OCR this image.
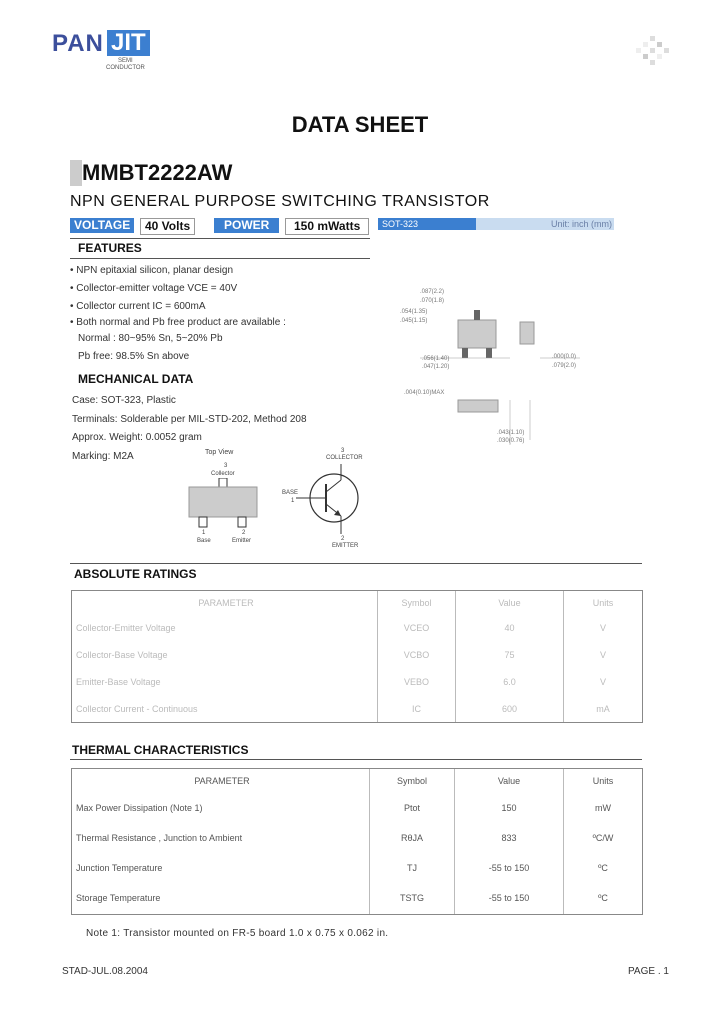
PAN JIT
SEMI
CONDUCTOR
DATA SHEET
MMBT2222AW
NPN GENERAL PURPOSE SWITCHING TRANSISTOR
VOLTAGE	40 Volts	POWER	150 mWatts	SOT-323	Unit: inch (mm)
FEATURES
• NPN epitaxial silicon, planar design
• Collector-emitter voltage VCE = 40V
• Collector current IC = 600mA
• Both normal and Pb free product are available :
Normal : 80~95% Sn, 5~20% Pb
Pb free: 98.5% Sn above
MECHANICAL DATA
Case: SOT-323, Plastic
Terminals: Solderable per MIL-STD-202, Method 208
Approx. Weight: 0.0052 gram
Marking: M2A
.087(2.2)
.070(1.8)
.054(1.35)
.045(1.15)
.056(1.40)
.047(1.20)
.000(0.0)
.004(0.10)MAX
.043(1.10)
.030(0.76)
.079(2.0)
Top View
3
Collector
1	2
Base	Emitter
3
COLLECTOR
BASE
1
2
EMITTER
ABSOLUTE RATINGS
PARAMETER	Symbol	Value	Units
Collector-Emitter Voltage	VCEO	40	V
Collector-Base Voltage	VCBO	75	V
Emitter-Base Voltage	VEBO	6.0	V
Collector Current - Continuous	IC	600	mA
THERMAL CHARACTERISTICS
PARAMETER	Symbol	Value	Units
Max Power Dissipation (Note 1)	Ptot	150	mW
Thermal Resistance , Junction to Ambient	RθJA	833	ºC/W
Junction Temperature	TJ	-55 to 150	ºC
Storage Temperature	TSTG	-55 to 150	ºC
Note 1: Transistor mounted on FR-5 board 1.0 x 0.75 x 0.062 in.
STAD-JUL.08.2004	PAGE . 1
